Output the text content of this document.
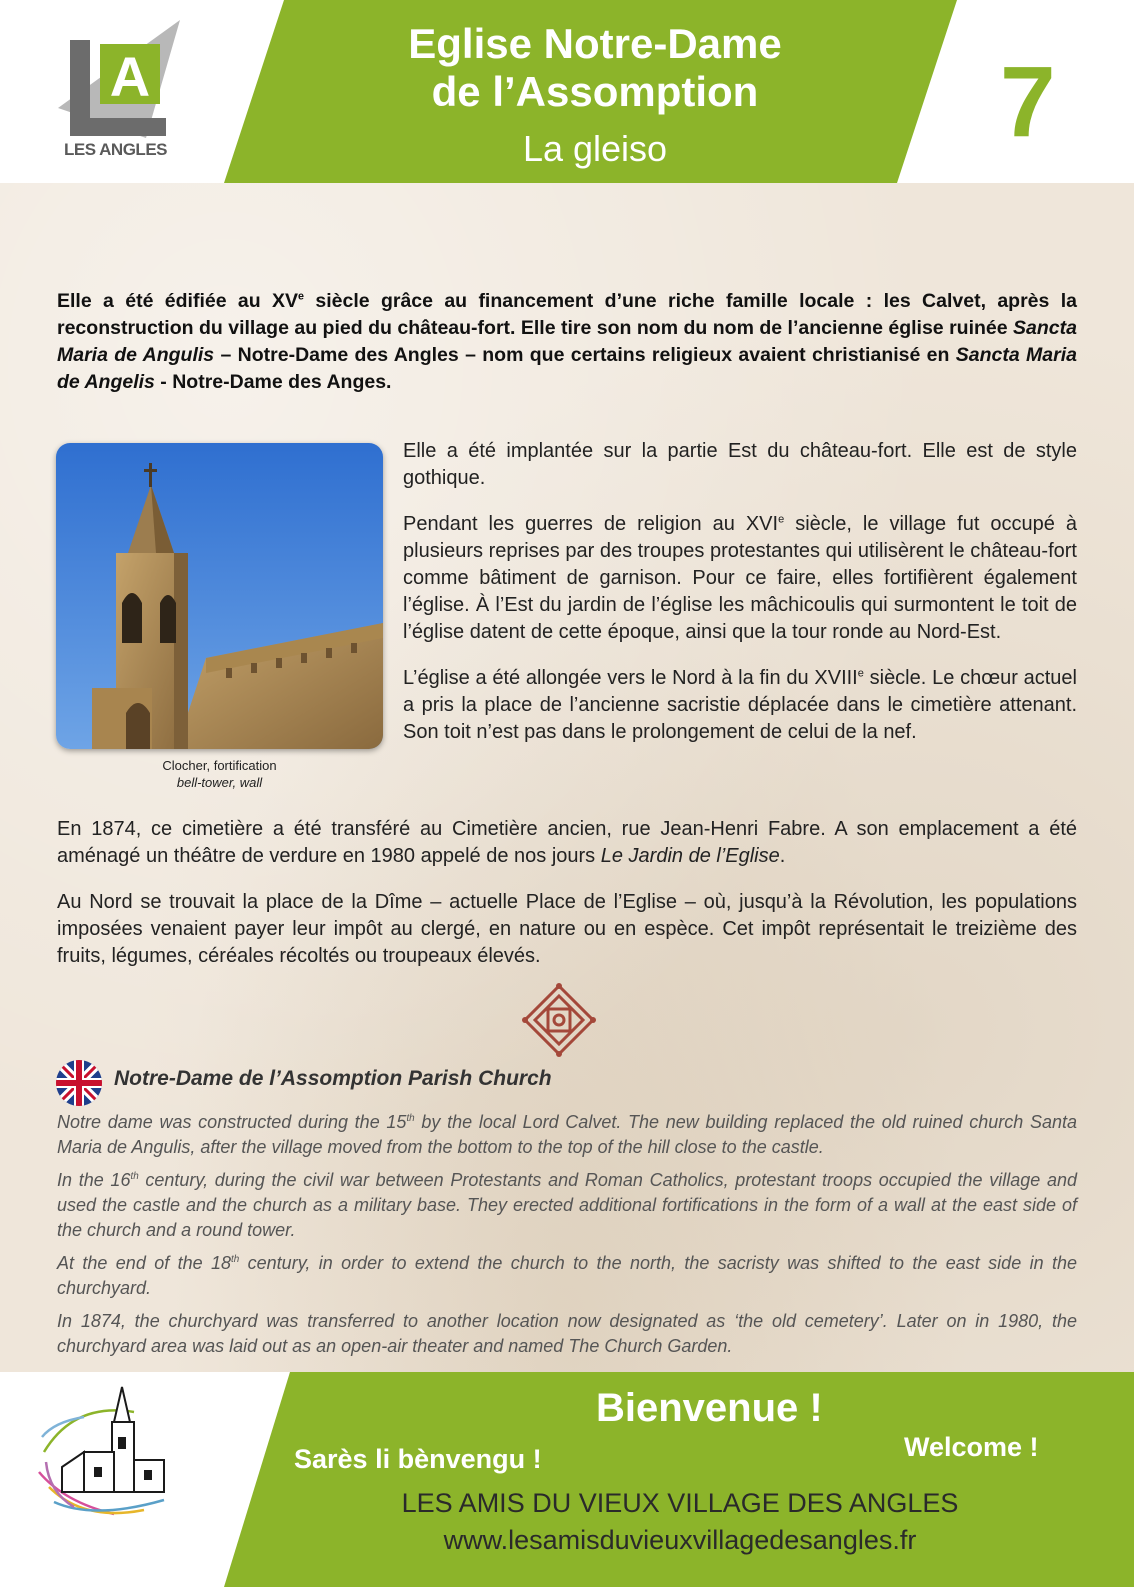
A
LES ANGLES
Eglise Notre-Dame
de l’Assomption
La gleiso	7
Elle a été édifiée au XVe siècle grâce au financement d’une riche famille locale : les Calvet, après la reconstruction du village au pied du château-fort. Elle tire son nom du nom de l’ancienne église ruinée Sancta Maria de Angulis – Notre-Dame des Angles – nom que certains religieux avaient christianisé en Sancta Maria de Angelis - Notre-Dame des Anges.
Clocher, fortification
bell-tower, wall

Elle a été implantée sur la partie Est du château-fort. Elle est de style gothique.

Pendant les guerres de religion au XVIe siècle, le village fut occupé à plusieurs reprises par des troupes protestantes qui utilisèrent le château-fort comme bâtiment de garnison. Pour ce faire, elles fortifièrent également l’église. À l’Est du jardin de l’église les mâchicoulis qui surmontent le toit de l’église datent de cette époque, ainsi que la tour ronde au Nord-Est.

L’église a été allongée vers le Nord à la fin du XVIIIe siècle. Le chœur actuel a pris la place de l’ancienne sacristie déplacée dans le cimetière attenant. Son toit n’est pas dans le prolongement de celui de la nef.

En 1874, ce cimetière a été transféré au Cimetière ancien, rue Jean-Henri Fabre. A son emplacement a été aménagé un théâtre de verdure en 1980 appelé de nos jours Le Jardin de l’Eglise.

Au Nord se trouvait la place de la Dîme – actuelle Place de l’Eglise – où, jusqu’à la Révolution, les populations imposées venaient payer leur impôt au clergé, en nature ou en espèce. Cet impôt représentait le treizième des fruits, légumes, céréales récoltés ou troupeaux élevés.

Notre-Dame de l’Assomption Parish Church

Notre dame was constructed during the 15th by the local Lord Calvet. The new building replaced the old ruined church Santa Maria de Angulis, after the village moved from the bottom to the top of the hill close to the castle.

In the 16th century, during the civil war between Protestants and Roman Catholics, protestant troops occupied the village and used the castle and the church as a military base. They erected additional fortifications in the form of a wall at the east side of the church and a round tower.

At the end of the 18th century, in order to extend the church to the north, the sacristy was shifted to the east side in the churchyard.

In 1874, the churchyard was transferred to another location now designated as ‘the old cemetery’. Later on in 1980, the churchyard area was laid out as an open-air theater and named The Church Garden.

Bienvenue !
Sarès li bènvengu !	Welcome !
LES AMIS DU VIEUX VILLAGE DES ANGLES
www.lesamisduvieuxvillagedesangles.fr
